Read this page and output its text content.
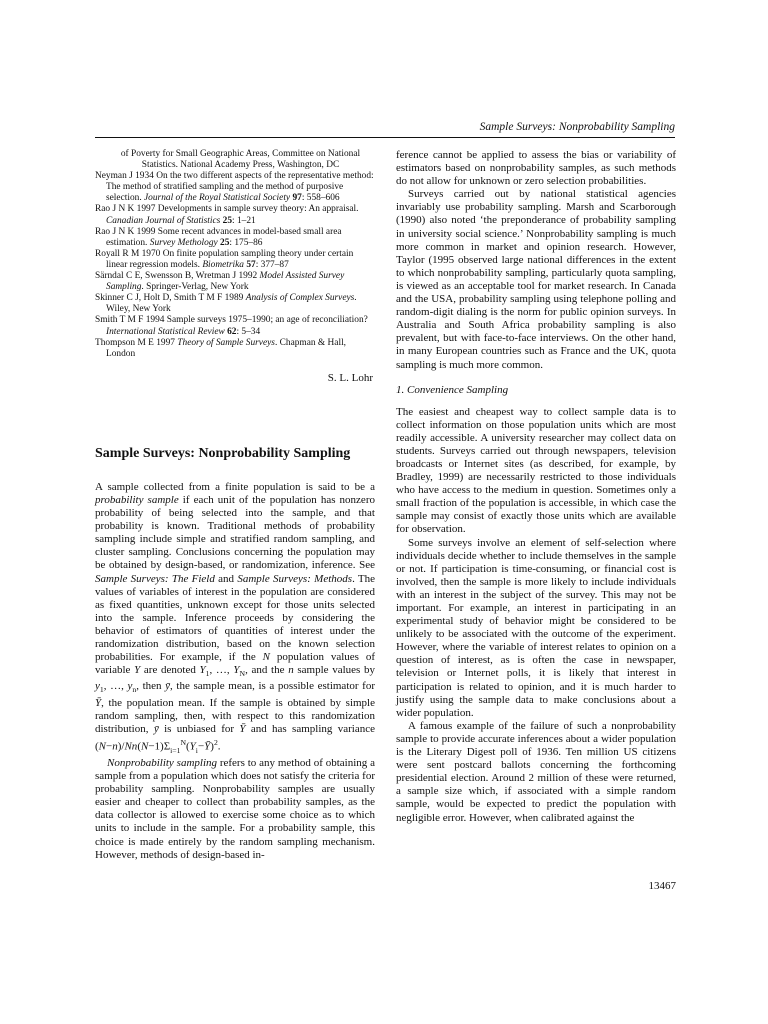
Sample Surveys: Nonprobability Sampling

of Poverty for Small Geographic Areas, Committee on National Statistics. National Academy Press, Washington, DC

Neyman J 1934 On the two different aspects of the representative method: The method of stratified sampling and the method of purposive selection. Journal of the Royal Statistical Society 97: 558–606

Rao J N K 1997 Developments in sample survey theory: An appraisal. Canadian Journal of Statistics 25: 1–21

Rao J N K 1999 Some recent advances in model-based small area estimation. Survey Methology 25: 175–86

Royall R M 1970 On finite population sampling theory under certain linear regression models. Biometrika 57: 377–87

Särndal C E, Swensson B, Wretman J 1992 Model Assisted Survey Sampling. Springer-Verlag, New York

Skinner C J, Holt D, Smith T M F 1989 Analysis of Complex Surveys. Wiley, New York

Smith T M F 1994 Sample surveys 1975–1990; an age of reconciliation? International Statistical Review 62: 5–34

Thompson M E 1997 Theory of Sample Surveys. Chapman & Hall, London

S. L. Lohr
Sample Surveys: Nonprobability Sampling

A sample collected from a finite population is said to be a probability sample if each unit of the population has nonzero probability of being selected into the sample, and that probability is known. Traditional methods of probability sampling include simple and stratified random sampling, and cluster sampling. Conclusions concerning the population may be obtained by design-based, or randomization, inference. See Sample Surveys: The Field and Sample Surveys: Methods. The values of variables of interest in the population are considered as fixed quantities, unknown except for those units selected into the sample. Inference proceeds by considering the behavior of estimators of quantities of interest under the randomization distribution, based on the known selection probabilities. For example, if the N population values of variable Y are denoted $Y_1$, …, $Y_N$, and the n sample values by $y_1$, …, $y_n$, then ȳ, the sample mean, is a possible estimator for Ȳ, the population mean. If the sample is obtained by simple random sampling, then, with respect to this randomization distribution, ȳ is unbiased for Ȳ and has sampling variance $(N-n)/Nn(N-1)\Sigma_{i=1}^N(Y_i-Ȳ)^2$.

Nonprobability sampling refers to any method of obtaining a sample from a population which does not satisfy the criteria for probability sampling. Nonprobability samples are usually easier and cheaper to collect than probability samples, as the data collector is allowed to exercise some choice as to which units to include in the sample. For a probability sample, this choice is made entirely by the random sampling mechanism. However, methods of design-based in-

ference cannot be applied to assess the bias or variability of estimators based on nonprobability samples, as such methods do not allow for unknown or zero selection probabilities.

Surveys carried out by national statistical agencies invariably use probability sampling. Marsh and Scarborough (1990) also noted ‘the preponderance of probability sampling in university social science.’ Nonprobability sampling is much more common in market and opinion research. However, Taylor (1995 observed large national differences in the extent to which nonprobability sampling, particularly quota sampling, is viewed as an acceptable tool for market research. In Canada and the USA, probability sampling using telephone polling and random-digit dialing is the norm for public opinion surveys. In Australia and South Africa probability sampling is also prevalent, but with face-to-face interviews. On the other hand, in many European countries such as France and the UK, quota sampling is much more common.

1. Convenience Sampling

The easiest and cheapest way to collect sample data is to collect information on those population units which are most readily accessible. A university researcher may collect data on students. Surveys carried out through newspapers, television broadcasts or Internet sites (as described, for example, by Bradley, 1999) are necessarily restricted to those individuals who have access to the medium in question. Sometimes only a small fraction of the population is accessible, in which case the sample may consist of exactly those units which are available for observation.

Some surveys involve an element of self-selection where individuals decide whether to include themselves in the sample or not. If participation is time-consuming, or financial cost is involved, then the sample is more likely to include individuals with an interest in the subject of the survey. This may not be important. For example, an interest in participating in an experimental study of behavior might be considered to be unlikely to be associated with the outcome of the experiment. However, where the variable of interest relates to opinion on a question of interest, as is often the case in newspaper, television or Internet polls, it is likely that interest in participation is related to opinion, and it is much harder to justify using the sample data to make conclusions about a wider population.

A famous example of the failure of such a nonprobability sample to provide accurate inferences about a wider population is the Literary Digest poll of 1936. Ten million US citizens were sent postcard ballots concerning the forthcoming presidential election. Around 2 million of these were returned, a sample size which, if associated with a simple random sample, would be expected to predict the population with negligible error. However, when calibrated against the

13467
